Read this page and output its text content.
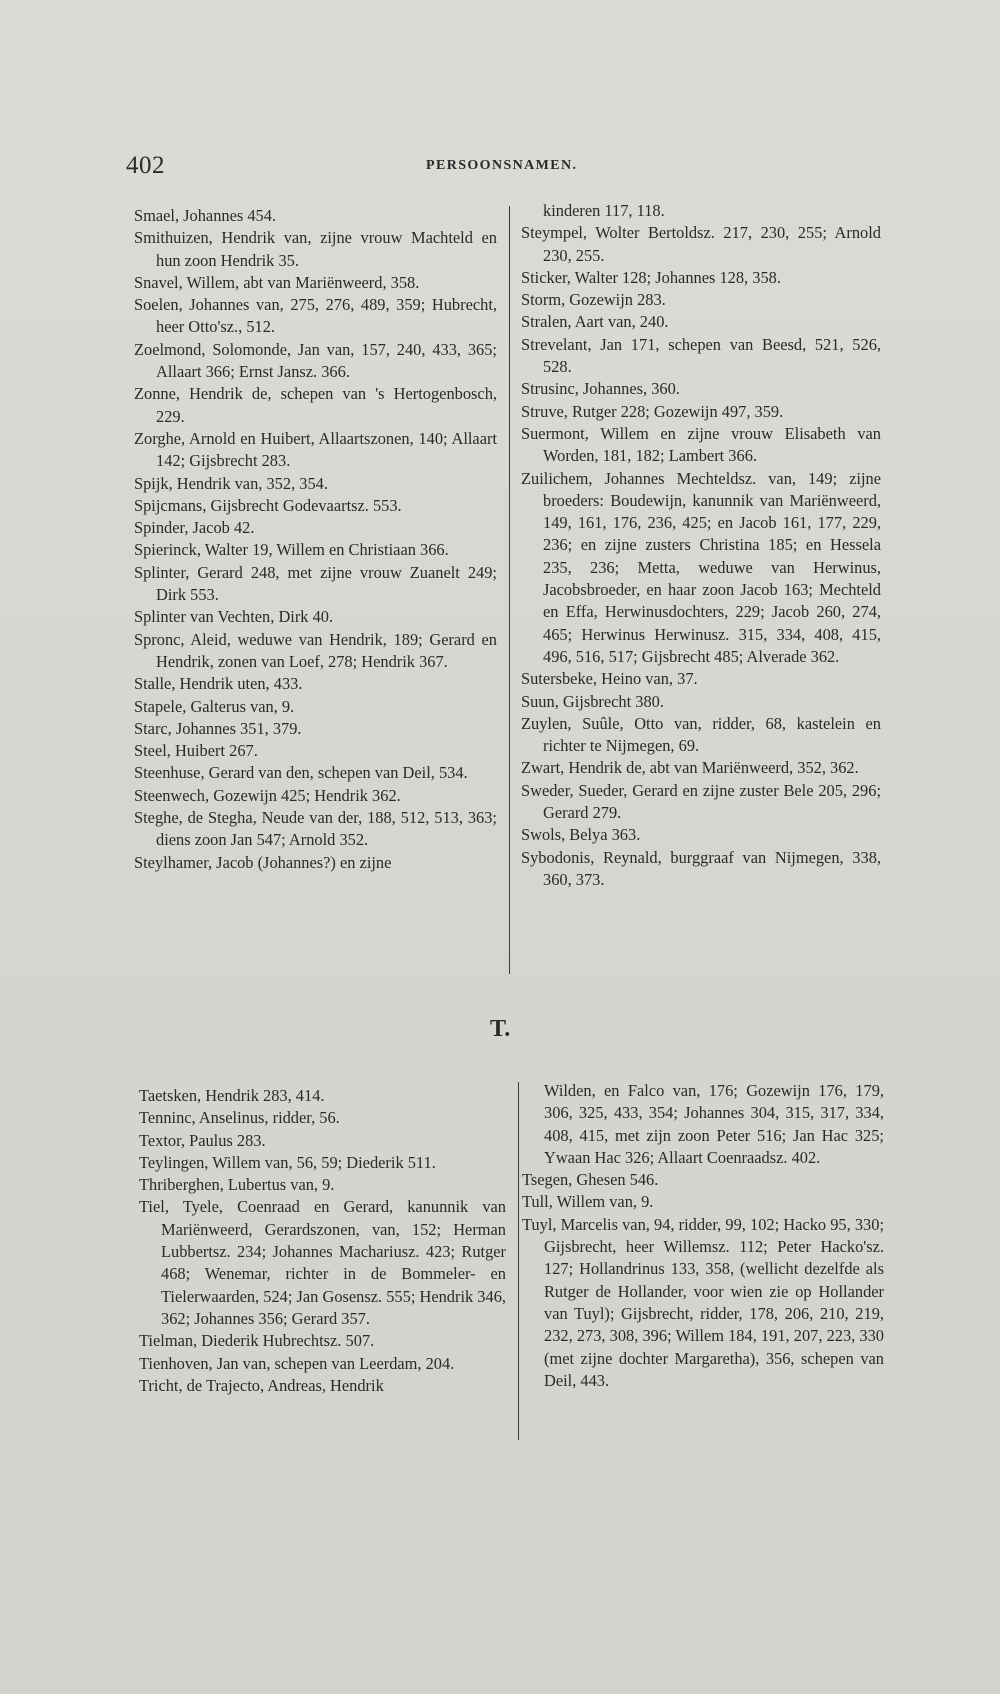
402	PERSOONSNAMEN.

Smael, Johannes 454.

Smithuizen, Hendrik van, zijne vrouw Machteld en hun zoon Hendrik 35.

Snavel, Willem, abt van Mariënweerd, 358.

Soelen, Johannes van, 275, 276, 489, 359; Hubrecht, heer Otto'sz., 512.

Zoelmond, Solomonde, Jan van, 157, 240, 433, 365; Allaart 366; Ernst Jansz. 366.

Zonne, Hendrik de, schepen van 's Hertogenbosch, 229.

Zorghe, Arnold en Huibert, Allaartszonen, 140; Allaart 142; Gijsbrecht 283.

Spijk, Hendrik van, 352, 354.

Spijcmans, Gijsbrecht Godevaartsz. 553.

Spinder, Jacob 42.

Spierinck, Walter 19, Willem en Christiaan 366.

Splinter, Gerard 248, met zijne vrouw Zuanelt 249; Dirk 553.

Splinter van Vechten, Dirk 40.

Spronc, Aleid, weduwe van Hendrik, 189; Gerard en Hendrik, zonen van Loef, 278; Hendrik 367.

Stalle, Hendrik uten, 433.

Stapele, Galterus van, 9.

Starc, Johannes 351, 379.

Steel, Huibert 267.

Steenhuse, Gerard van den, schepen van Deil, 534.

Steenwech, Gozewijn 425; Hendrik 362.

Steghe, de Stegha, Neude van der, 188, 512, 513, 363; diens zoon Jan 547; Arnold 352.

Steylhamer, Jacob (Johannes?) en zijne

kinderen 117, 118.

Steympel, Wolter Bertoldsz. 217, 230, 255; Arnold 230, 255.

Sticker, Walter 128; Johannes 128, 358.

Storm, Gozewijn 283.

Stralen, Aart van, 240.

Strevelant, Jan 171, schepen van Beesd, 521, 526, 528.

Strusinc, Johannes, 360.

Struve, Rutger 228; Gozewijn 497, 359.

Suermont, Willem en zijne vrouw Elisabeth van Worden, 181, 182; Lambert 366.

Zuilichem, Johannes Mechteldsz. van, 149; zijne broeders: Boudewijn, kanunnik van Mariënweerd, 149, 161, 176, 236, 425; en Jacob 161, 177, 229, 236; en zijne zusters Christina 185; en Hessela 235, 236; Metta, weduwe van Herwinus, Jacobsbroeder, en haar zoon Jacob 163; Mechteld en Effa, Herwinusdochters, 229; Jacob 260, 274, 465; Herwinus Herwinusz. 315, 334, 408, 415, 496, 516, 517; Gijsbrecht 485; Alverade 362.

Sutersbeke, Heino van, 37.

Suun, Gijsbrecht 380.

Zuylen, Suûle, Otto van, ridder, 68, kastelein en richter te Nijmegen, 69.

Zwart, Hendrik de, abt van Mariënweerd, 352, 362.

Sweder, Sueder, Gerard en zijne zuster Bele 205, 296; Gerard 279.

Swols, Belya 363.

Sybodonis, Reynald, burggraaf van Nijmegen, 338, 360, 373.

T.

Taetsken, Hendrik 283, 414.

Tenninc, Anselinus, ridder, 56.

Textor, Paulus 283.

Teylingen, Willem van, 56, 59; Diederik 511.

Thriberghen, Lubertus van, 9.

Tiel, Tyele, Coenraad en Gerard, kanunnik van Mariënweerd, Gerardszonen, van, 152; Herman Lubbertsz. 234; Johannes Machariusz. 423; Rutger 468; Wenemar, richter in de Bommeler- en Tielerwaarden, 524; Jan Gosensz. 555; Hendrik 346, 362; Johannes 356; Gerard 357.

Tielman, Diederik Hubrechtsz. 507.

Tienhoven, Jan van, schepen van Leerdam, 204.

Tricht, de Trajecto, Andreas, Hendrik

Wilden, en Falco van, 176; Gozewijn 176, 179, 306, 325, 433, 354; Johannes 304, 315, 317, 334, 408, 415, met zijn zoon Peter 516; Jan Hac 325; Ywaan Hac 326; Allaart Coenraadsz. 402.

Tsegen, Ghesen 546.

Tull, Willem van, 9.

Tuyl, Marcelis van, 94, ridder, 99, 102; Hacko 95, 330; Gijsbrecht, heer Willemsz. 112; Peter Hacko'sz. 127; Hollandrinus 133, 358, (wellicht dezelfde als Rutger de Hollander, voor wien zie op Hollander van Tuyl); Gijsbrecht, ridder, 178, 206, 210, 219, 232, 273, 308, 396; Willem 184, 191, 207, 223, 330 (met zijne dochter Margaretha), 356, schepen van Deil, 443.
